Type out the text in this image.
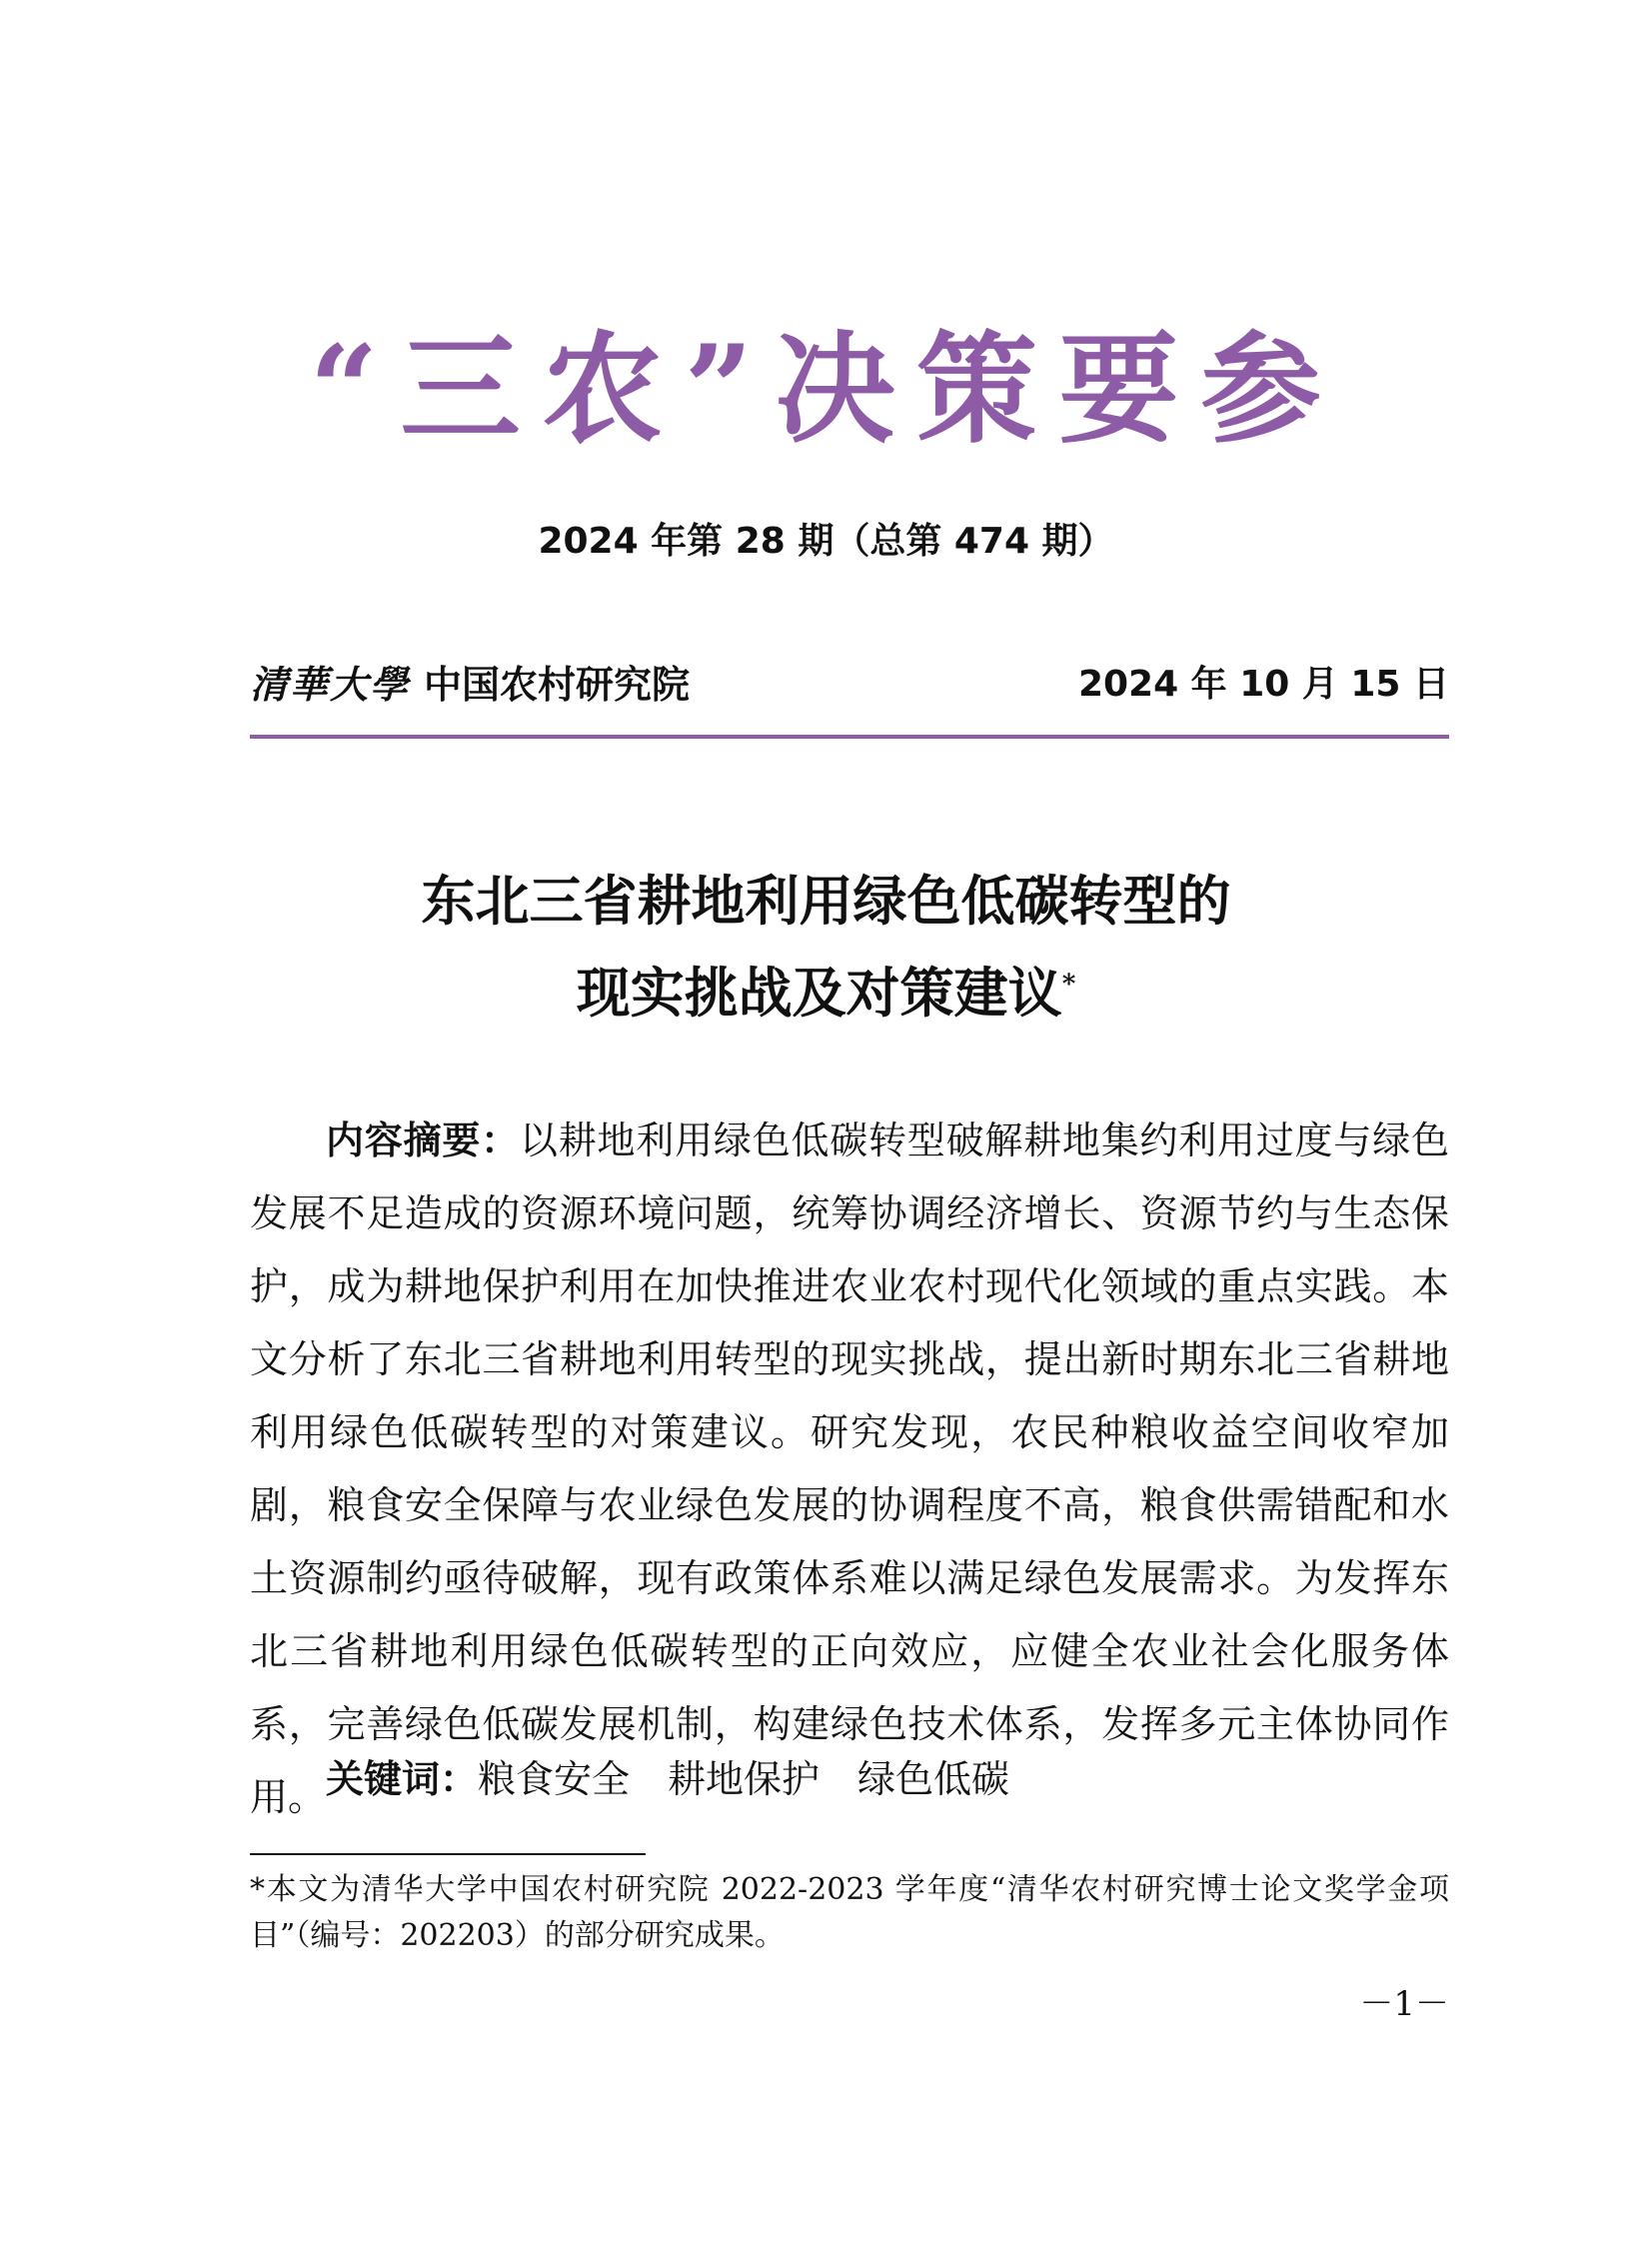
“三农”决策要参
2024 年第 28 期（总第 474 期）
清華大學 中国农村研究院	2024 年 10 月 15 日
东北三省耕地利用绿色低碳转型的
现实挑战及对策建议*
内容摘要：以耕地利用绿色低碳转型破解耕地集约利用过度与绿色发展不足造成的资源环境问题，统筹协调经济增长、资源节约与生态保护，成为耕地保护利用在加快推进农业农村现代化领域的重点实践。本文分析了东北三省耕地利用转型的现实挑战，提出新时期东北三省耕地利用绿色低碳转型的对策建议。研究发现，农民种粮收益空间收窄加剧，粮食安全保障与农业绿色发展的协调程度不高，粮食供需错配和水土资源制约亟待破解，现有政策体系难以满足绿色发展需求。为发挥东北三省耕地利用绿色低碳转型的正向效应，应健全农业社会化服务体系，完善绿色低碳发展机制，构建绿色技术体系，发挥多元主体协同作用。 关键词：粮食安全 耕地保护 绿色低碳
*本文为清华大学中国农村研究院 2022-2023 学年度“清华农村研究博士论文奖学金项目”（编号：202203）的部分研究成果。
－1－
